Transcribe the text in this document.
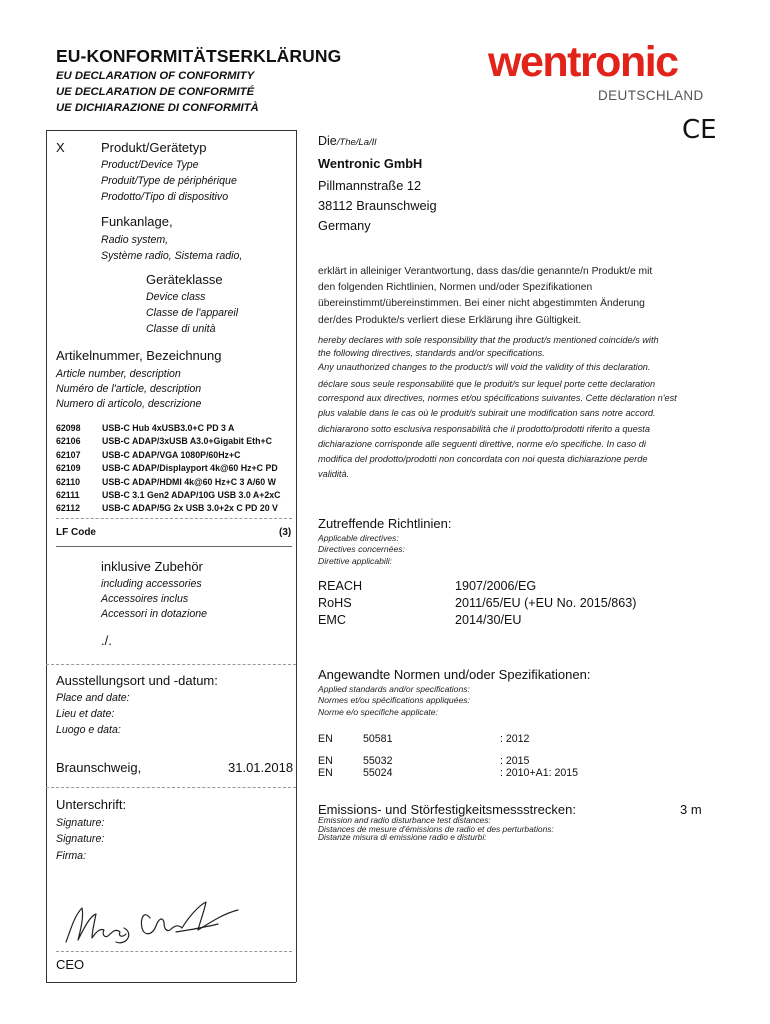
EU-KONFORMITÄTSERKLÄRUNG
EU DECLARATION OF CONFORMITY
UE DECLARATION DE CONFORMITÉ
UE DICHIARAZIONE DI CONFORMITÀ
wentronic
DEUTSCHLAND
CE
X	Produkt/Gerätetyp
Product/Device Type
Produit/Type de périphérique
Prodotto/Tipo di dispositivo
Funkanlage,
Radio system,
Système radio, Sistema radio,
Geräteklasse
Device class
Classe de l'appareil
Classe di unità
Artikelnummer, Bezeichnung
Article number, description
Numéro de l'article, description
Numero di articolo, descrizione
62098 USB-C Hub 4xUSB3.0+C PD 3 A
62106 USB-C ADAP/3xUSB A3.0+Gigabit Eth+C
62107 USB-C ADAP/VGA 1080P/60Hz+C
62109 USB-C ADAP/Displayport 4k@60 Hz+C PD
62110	USB-C ADAP/HDMI 4k@60 Hz+C 3 A/60 W
62111	USB-C 3.1 Gen2 ADAP/10G USB 3.0 A+2xC
62112	USB-C ADAP/5G 2x USB 3.0+2x C PD 20 V
LF Code	(3)
inklusive Zubehör
including accessories
Accessoires inclus
Accessori in dotazione
./.
Ausstellungsort und -datum:
Place and date:
Lieu et date:
Luogo e data:
Braunschweig,	31.01.2018
Unterschrift:
Signature:
Signature:
Firma:
CEO
Die/The/La/Il
Wentronic GmbH
Pillmannstraße 12
38112 Braunschweig
Germany
erklärt in alleiniger Verantwortung, dass das/die genannte/n Produkt/e mit
den folgenden Richtlinien, Normen und/oder Spezifikationen
übereinstimmt/übereinstimmen. Bei einer nicht abgestimmten Änderung
der/des Produkte/s verliert diese Erklärung ihre Gültigkeit.
hereby declares with sole responsibility that the product/s mentioned coincide/s with
the following directives, standards and/or specifications.
Any unauthorized changes to the product/s will void the validity of this declaration.
déclare sous seule responsabilité que le produit/s sur lequel porte cette declaration
correspond aux directives, normes et/ou spécifications suivantes. Cette déclaration n'est
plus valable dans le cas où le produit/s subirait une modification sans notre accord.
dichiararono sotto esclusiva responsabilità che il prodotto/prodotti riferito a questa
dichiarazione corrisponde alle seguenti direttive, norme e/o specifiche. In caso di
modifica del prodotto/prodotti non concordata con noi questa dichiarazione perde
validità.
Zutreffende Richtlinien:
Applicable directives:
Directives concernées:
Direttive applicabili:
REACH	1907/2006/EG
RoHS	2011/65/EU (+EU No. 2015/863)
EMC	2014/30/EU
Angewandte Normen und/oder Spezifikationen:
Applied standards and/or specifications:
Normes et/ou spécifications appliquées:
Norme e/o specifiche applicate:
EN	50581	: 2012
EN	55032	: 2015
EN	55024	: 2010+A1: 2015
Emissions- und Störfestigkeitsmessstrecken:	3 m
Emission and radio disturbance test distances:
Distances de mesure d'émissions de radio et des perturbations:
Distanze misura di emissione radio e disturbi:
